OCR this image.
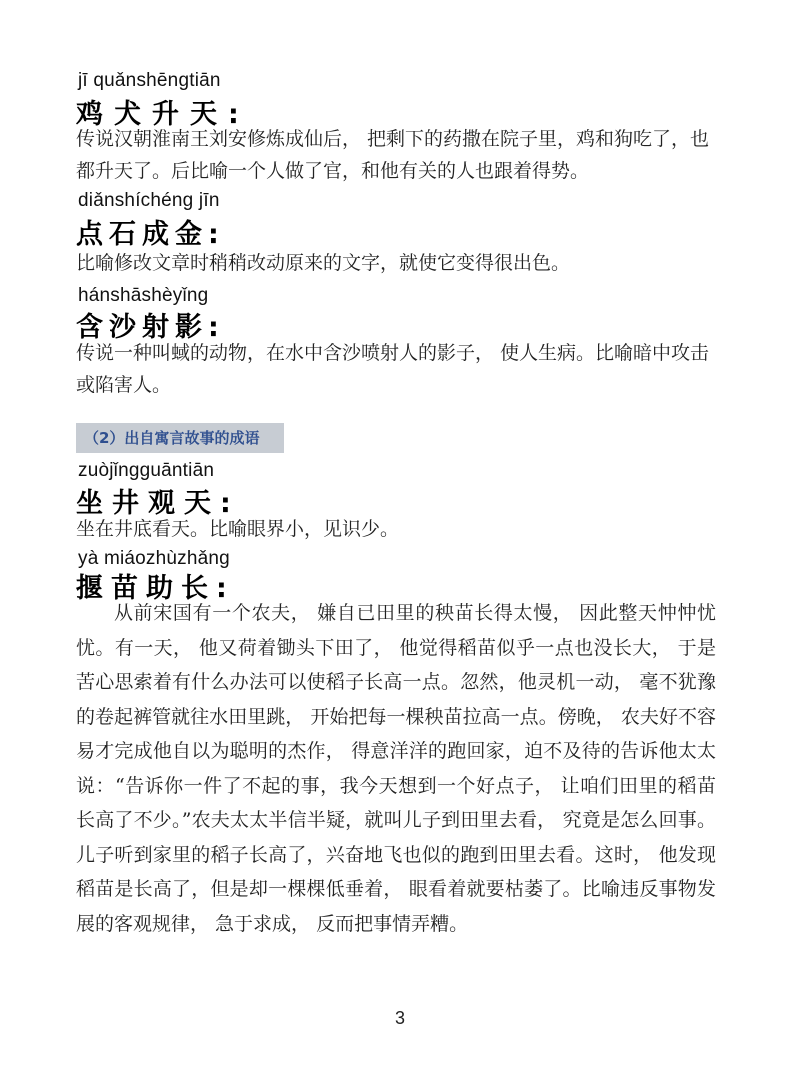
jī quǎnshēngtiān
鸡犬升天:
传说汉朝淮南王刘安修炼成仙后， 把剩下的药撒在院子里，鸡和狗吃了，也都升天了。后比喻一个人做了官，和他有关的人也跟着得势。
diǎnshíchéng jīn
点石成金:
比喻修改文章时稍稍改动原来的文字，就使它变得很出色。
hánshāshèyǐng
含沙射影:
传说一种叫蜮的动物，在水中含沙喷射人的影子， 使人生病。比喻暗中攻击或陷害人。
（2）出自寓言故事的成语
zuòjǐngguāntiān
坐井观天:
坐在井底看天。比喻眼界小，见识少。
yà miáozhùzhǎng
揠苗助长:
从前宋国有一个农夫， 嫌自已田里的秧苗长得太慢， 因此整天忡忡忧忧。有一天， 他又荷着锄头下田了， 他觉得稻苗似乎一点也没长大， 于是苦心思索着有什么办法可以使稻子长高一点。忽然，他灵机一动， 毫不犹豫的卷起裤管就往水田里跳， 开始把每一棵秧苗拉高一点。傍晚， 农夫好不容易才完成他自以为聪明的杰作， 得意洋洋的跑回家，迫不及待的告诉他太太说：“告诉你一件了不起的事，我今天想到一个好点子， 让咱们田里的稻苗长高了不少。”农夫太太半信半疑，就叫儿子到田里去看， 究竟是怎么回事。儿子听到家里的稻子长高了，兴奋地飞也似的跑到田里去看。这时， 他发现稻苗是长高了，但是却一棵棵低垂着， 眼看着就要枯萎了。比喻违反事物发展的客观规律， 急于求成， 反而把事情弄糟。
3
